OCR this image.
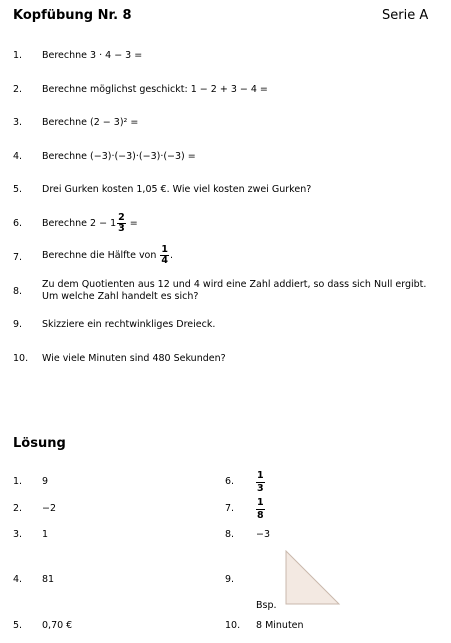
Kopfübung Nr. 8	Serie A
1. Berechne 3 · 4 − 3 =
2. Berechne möglichst geschickt: 1 − 2 + 3 − 4 =
3. Berechne (2 − 3)² =
4. Berechne (−3)·(−3)·(−3)·(−3) =
5. Drei Gurken kosten 1,05 €. Wie viel kosten zwei Gurken?
6. Berechne $2 - 1 \frac{2}{3}$ =
7. Berechne die Hälfte von $\frac{1}{4}$ .
8.
Zu dem Quotienten aus 12 und 4 wird eine Zahl addiert, so dass sich Null ergibt. Um welche Zahl handelt es sich?
9. Skizziere ein rechtwinkliges Dreieck.
10. Wie viele Minuten sind 480 Sekunden?
Lösung
1. 9
2. −2
3. 1
4. 81
5. 0,70 €
6. $\frac{1}{3}$
7. $\frac{1}{8}$
8. −3
9.
Bsp.
10. 8 Minuten
